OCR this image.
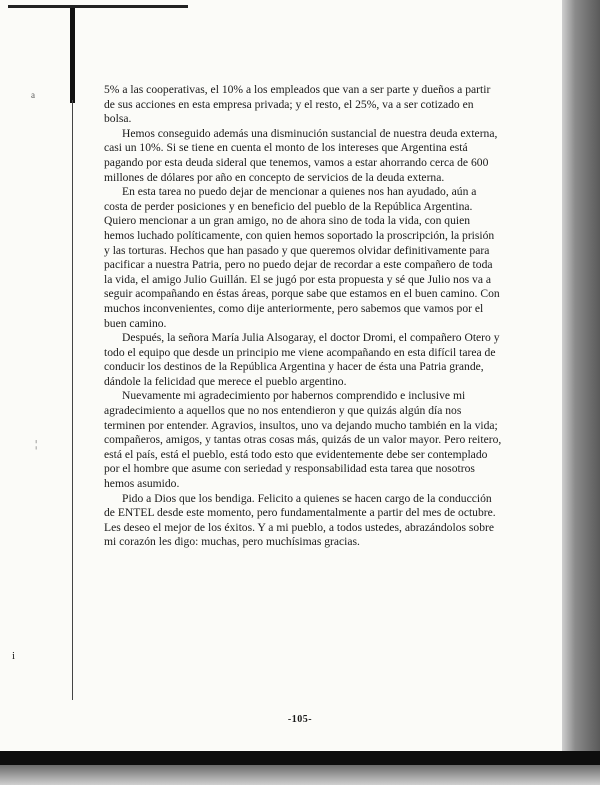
a
¦
i

5% a las cooperativas, el 10% a los empleados que van a ser parte y dueños a partir de sus acciones en esta empresa privada; y el resto, el 25%, va a ser cotizado en bolsa.

Hemos conseguido además una disminución sustancial de nuestra deuda externa, casi un 10%. Si se tiene en cuenta el monto de los intereses que Argentina está pagando por esta deuda sideral que tenemos, vamos a estar ahorrando cerca de 600 millones de dólares por año en concepto de servicios de la deuda externa.

En esta tarea no puedo dejar de mencionar a quienes nos han ayudado, aún a costa de perder posiciones y en beneficio del pueblo de la República Argentina. Quiero mencionar a un gran amigo, no de ahora sino de toda la vida, con quien hemos luchado políticamente, con quien hemos soportado la proscripción, la prisión y las torturas. Hechos que han pasado y que queremos olvidar definitivamente para pacificar a nuestra Patria, pero no puedo dejar de recordar a este compañero de toda la vida, el amigo Julio Guillán. El se jugó por esta propuesta y sé que Julio nos va a seguir acompañando en éstas áreas, porque sabe que estamos en el buen camino. Con muchos inconvenientes, como dije anteriormente, pero sabemos que vamos por el buen camino.

Después, la señora María Julia Alsogaray, el doctor Dromi, el compañero Otero y todo el equipo que desde un principio me viene acompañando en esta difícil tarea de conducir los destinos de la República Argentina y hacer de ésta una Patria grande, dándole la felicidad que merece el pueblo argentino.

Nuevamente mi agradecimiento por habernos comprendido e inclusive mi agradecimiento a aquellos que no nos entendieron y que quizás algún día nos terminen por entender. Agravios, insultos, uno va dejando mucho también en la vida; compañeros, amigos, y tantas otras cosas más, quizás de un valor mayor. Pero reitero, está el país, está el pueblo, está todo esto que evidentemente debe ser contemplado por el hombre que asume con seriedad y responsabilidad esta tarea que nosotros hemos asumido.

Pido a Dios que los bendiga. Felicito a quienes se hacen cargo de la conducción de ENTEL desde este momento, pero fundamentalmente a partir del mes de octubre. Les deseo el mejor de los éxitos. Y a mi pueblo, a todos ustedes, abrazándolos sobre mi corazón les digo: muchas, pero muchísimas gracias.

-105-
